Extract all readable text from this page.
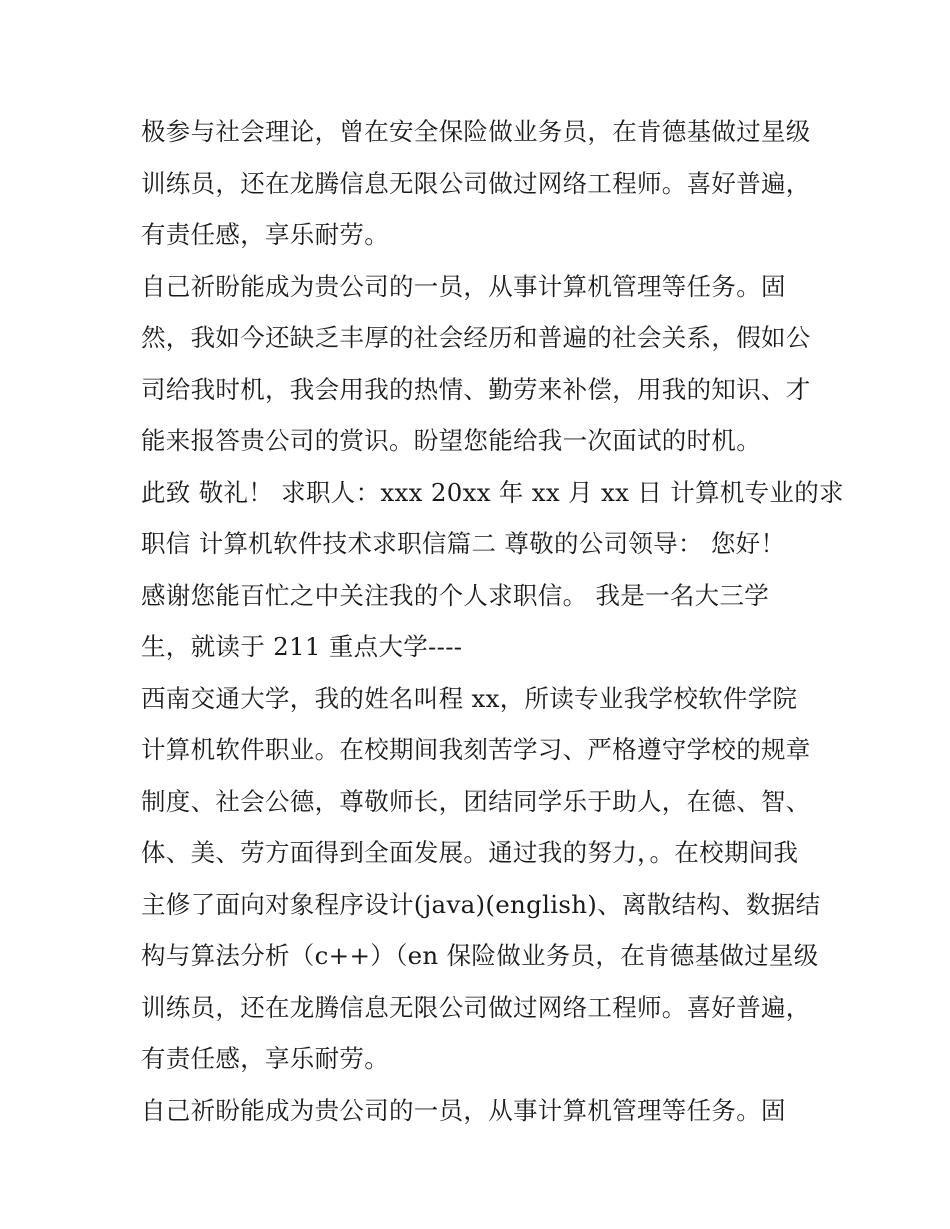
极参与社会理论，曾在安全保险做业务员，在肯德基做过星级
训练员，还在龙腾信息无限公司做过网络工程师。喜好普遍，
有责任感，享乐耐劳。
自己祈盼能成为贵公司的一员，从事计算机管理等任务。固
然，我如今还缺乏丰厚的社会经历和普遍的社会关系，假如公
司给我时机，我会用我的热情、勤劳来补偿，用我的知识、才
能来报答贵公司的赏识。盼望您能给我一次面试的时机。
此致 敬礼！ 求职人：xxx 20xx 年 xx 月 xx 日 计算机专业的求
职信 计算机软件技术求职信篇二 尊敬的公司领导： 您好！
感谢您能百忙之中关注我的个人求职信。 我是一名大三学
生，就读于 211 重点大学----
西南交通大学，我的姓名叫程 xx，所读专业我学校软件学院
计算机软件职业。在校期间我刻苦学习、严格遵守学校的规章
制度、社会公德，尊敬师长，团结同学乐于助人，在德、智、
体、美、劳方面得到全面发展。通过我的努力，。在校期间我
主修了面向对象程序设计(java)(english)、离散结构、数据结
构与算法分析（c++）（en 保险做业务员，在肯德基做过星级
训练员，还在龙腾信息无限公司做过网络工程师。喜好普遍，
有责任感，享乐耐劳。
自己祈盼能成为贵公司的一员，从事计算机管理等任务。固
